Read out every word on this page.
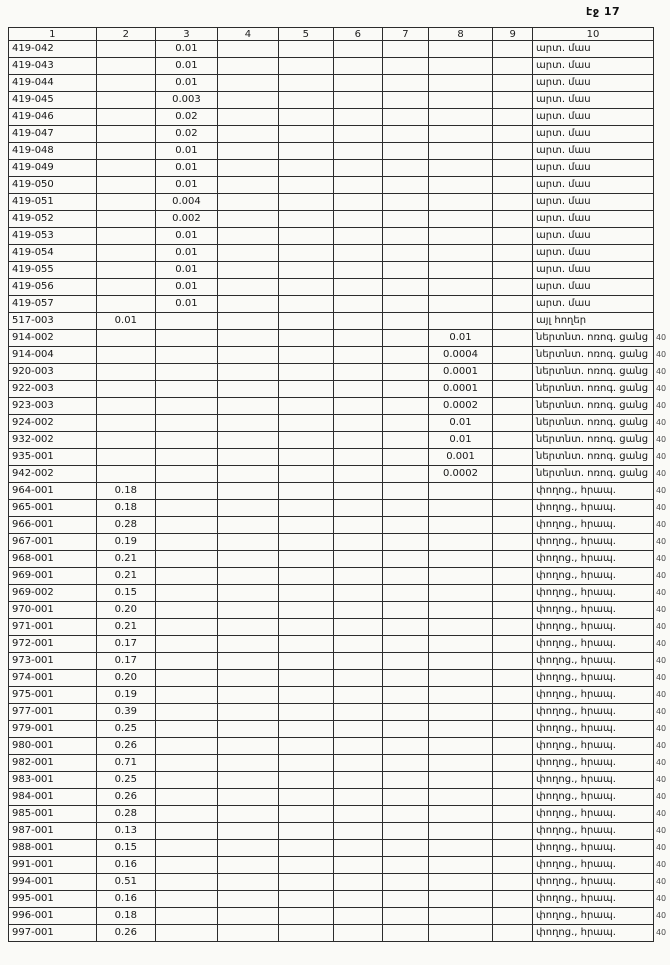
էջ 17
1	2	3	4	5	6	7	8	9	10	
419-042		0.01							արտ. մաս	
419-043		0.01							արտ. մաս	
419-044		0.01							արտ. մաս	
419-045		0.003							արտ. մաս	
419-046		0.02							արտ. մաս	
419-047		0.02							արտ. մաս	
419-048		0.01							արտ. մաս	
419-049		0.01							արտ. մաս	
419-050		0.01							արտ. մաս	
419-051		0.004							արտ. մաս	
419-052		0.002							արտ. մաս	
419-053		0.01							արտ. մաս	
419-054		0.01							արտ. մաս	
419-055		0.01							արտ. մաս	
419-056		0.01							արտ. մաս	
419-057		0.01							արտ. մաս	
517-003	0.01								այլ հողեր	
914-002							0.01		ներտնտ. ոռոգ. ցանց	40
914-004							0.0004		ներտնտ. ոռոգ. ցանց	40
920-003							0.0001		ներտնտ. ոռոգ. ցանց	40
922-003							0.0001		ներտնտ. ոռոգ. ցանց	40
923-003							0.0002		ներտնտ. ոռոգ. ցանց	40
924-002							0.01		ներտնտ. ոռոգ. ցանց	40
932-002							0.01		ներտնտ. ոռոգ. ցանց	40
935-001							0.001		ներտնտ. ոռոգ. ցանց	40
942-002							0.0002		ներտնտ. ոռոգ. ցանց	40
964-001	0.18								փողոց., հրապ.	40
965-001	0.18								փողոց., հրապ.	40
966-001	0.28								փողոց., հրապ.	40
967-001	0.19								փողոց., հրապ.	40
968-001	0.21								փողոց., հրապ.	40
969-001	0.21								փողոց., հրապ.	40
969-002	0.15								փողոց., հրապ.	40
970-001	0.20								փողոց., հրապ.	40
971-001	0.21								փողոց., հրապ.	40
972-001	0.17								փողոց., հրապ.	40
973-001	0.17								փողոց., հրապ.	40
974-001	0.20								փողոց., հրապ.	40
975-001	0.19								փողոց., հրապ.	40
977-001	0.39								փողոց., հրապ.	40
979-001	0.25								փողոց., հրապ.	40
980-001	0.26								փողոց., հրապ.	40
982-001	0.71								փողոց., հրապ.	40
983-001	0.25								փողոց., հրապ.	40
984-001	0.26								փողոց., հրապ.	40
985-001	0.28								փողոց., հրապ.	40
987-001	0.13								փողոց., հրապ.	40
988-001	0.15								փողոց., հրապ.	40
991-001	0.16								փողոց., հրապ.	40
994-001	0.51								փողոց., հրապ.	40
995-001	0.16								փողոց., հրապ.	40
996-001	0.18								փողոց., հրապ.	40
997-001	0.26								փողոց., հրապ.	40
